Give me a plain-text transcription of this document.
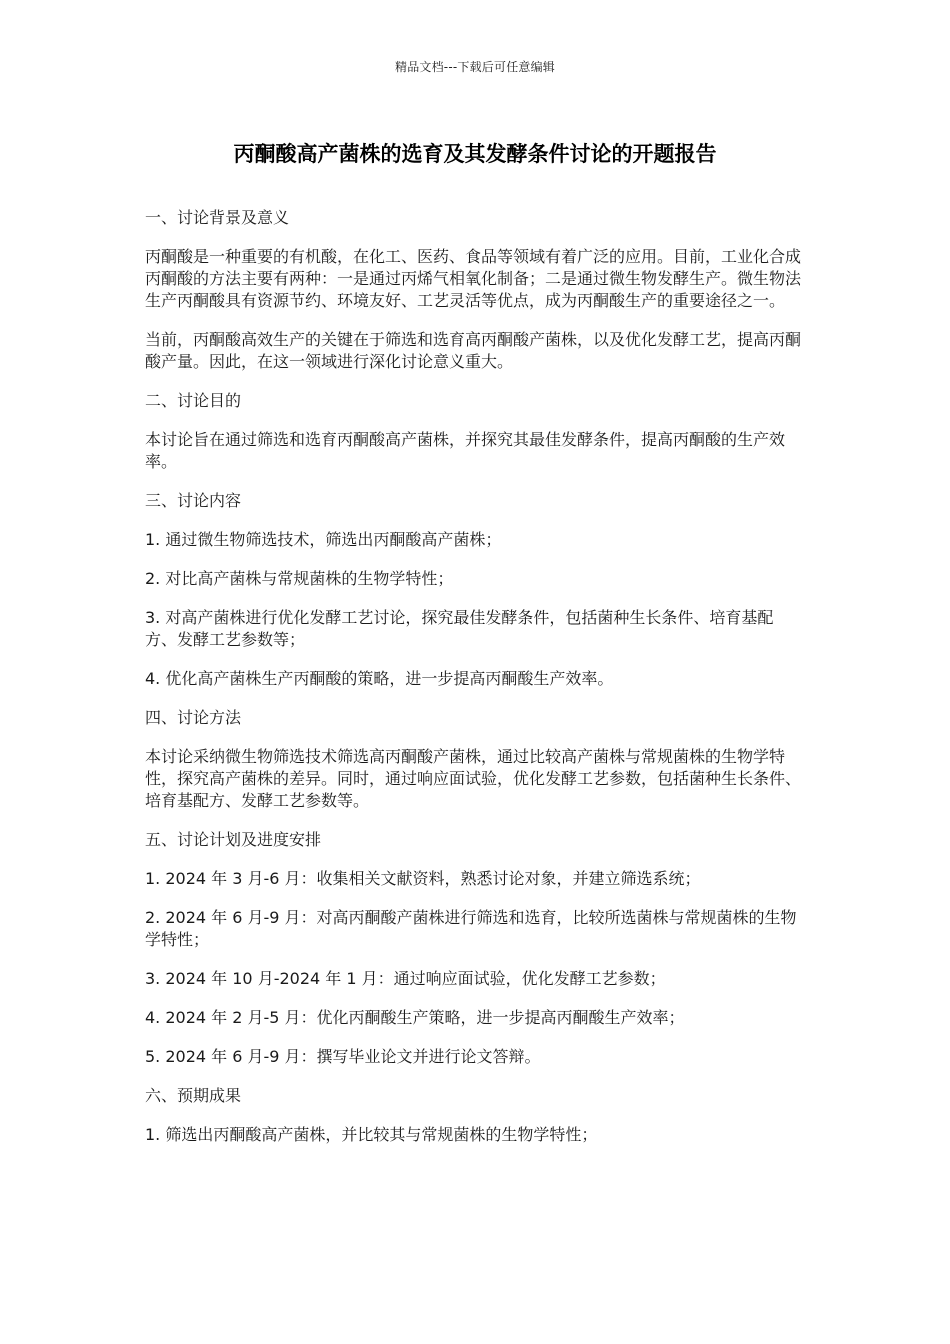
精品文档---下载后可任意编辑
丙酮酸高产菌株的选育及其发酵条件讨论的开题报告

一、讨论背景及意义

丙酮酸是一种重要的有机酸，在化工、医药、食品等领域有着广泛的应用。目前，工业化合成丙酮酸的方法主要有两种：一是通过丙烯气相氧化制备；二是通过微生物发酵生产。微生物法生产丙酮酸具有资源节约、环境友好、工艺灵活等优点，成为丙酮酸生产的重要途径之一。

当前，丙酮酸高效生产的关键在于筛选和选育高丙酮酸产菌株，以及优化发酵工艺，提高丙酮酸产量。因此，在这一领域进行深化讨论意义重大。

二、讨论目的

本讨论旨在通过筛选和选育丙酮酸高产菌株，并探究其最佳发酵条件，提高丙酮酸的生产效率。

三、讨论内容

1. 通过微生物筛选技术，筛选出丙酮酸高产菌株；

2. 对比高产菌株与常规菌株的生物学特性；

3. 对高产菌株进行优化发酵工艺讨论，探究最佳发酵条件，包括菌种生长条件、培育基配方、发酵工艺参数等；

4. 优化高产菌株生产丙酮酸的策略，进一步提高丙酮酸生产效率。

四、讨论方法

本讨论采纳微生物筛选技术筛选高丙酮酸产菌株，通过比较高产菌株与常规菌株的生物学特性，探究高产菌株的差异。同时，通过响应面试验，优化发酵工艺参数，包括菌种生长条件、培育基配方、发酵工艺参数等。

五、讨论计划及进度安排

1. 2024 年 3 月-6 月：收集相关文献资料，熟悉讨论对象，并建立筛选系统；

2. 2024 年 6 月-9 月：对高丙酮酸产菌株进行筛选和选育，比较所选菌株与常规菌株的生物学特性；

3. 2024 年 10 月-2024 年 1 月：通过响应面试验，优化发酵工艺参数；

4. 2024 年 2 月-5 月：优化丙酮酸生产策略，进一步提高丙酮酸生产效率；

5. 2024 年 6 月-9 月：撰写毕业论文并进行论文答辩。

六、预期成果

1. 筛选出丙酮酸高产菌株，并比较其与常规菌株的生物学特性；
